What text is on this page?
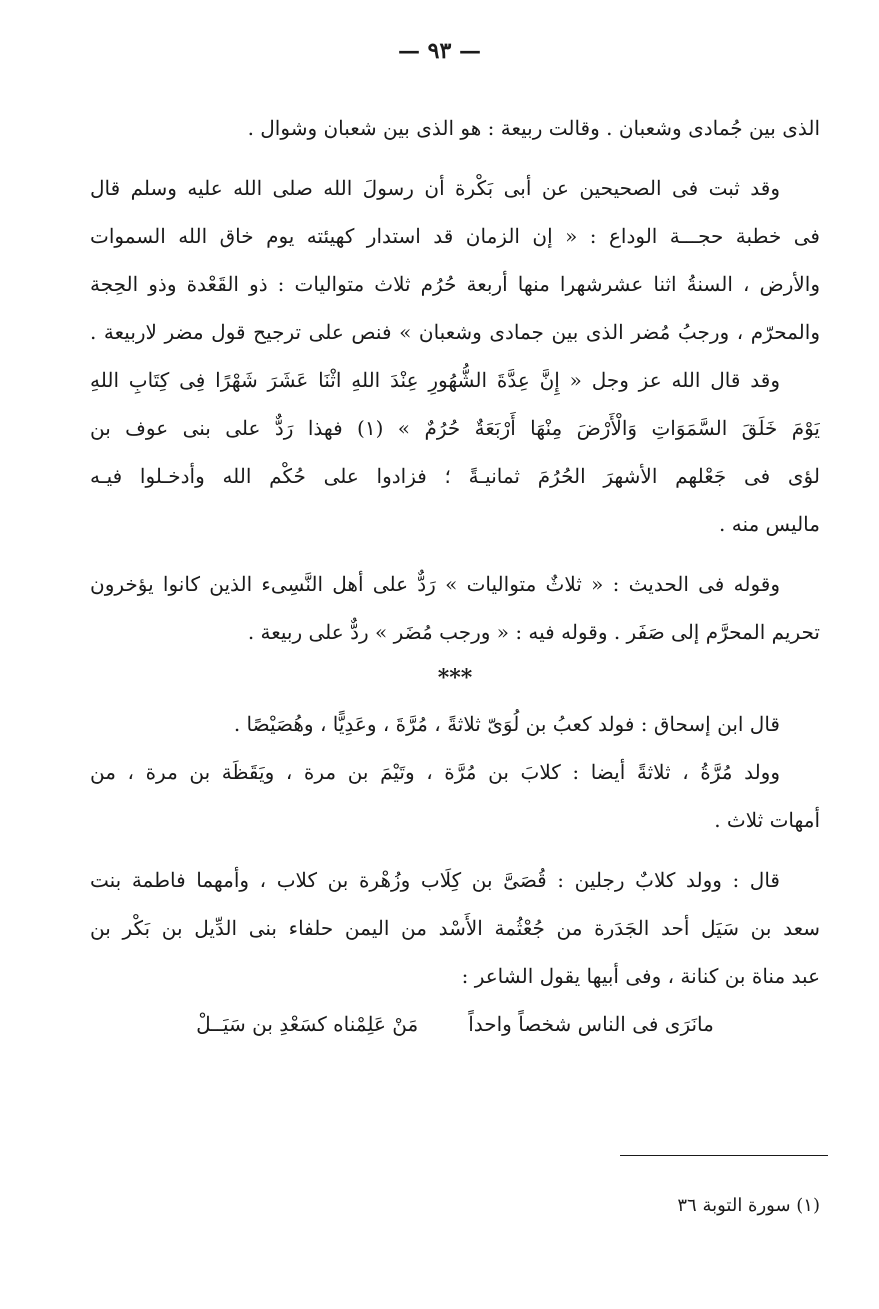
— ٩٣ —
الذى بين جُمادى وشعبان . وقالت ربيعة : هو الذى بين شعبان وشوال .
وقد ثبت فى الصحيحين عن أبى بَكْرة أن رسولَ الله صلى الله عليه وسلم قال
فى خطبة حجـــة الوداع : « إن الزمان قد استدار كهيئته يوم خاق الله السموات
والأرض ، السنةُ اثنا عشرشهرا منها أربعة حُرُم ثلاث متواليات : ذو القَعْدة وذو الحِجة
والمحرّم ، ورجبُ مُضر الذى بين جمادى وشعبان » فنص على ترجيح قول مضر لاربيعة .
وقد قال الله عز وجل « إِنَّ عِدَّةَ الشُّهُورِ عِنْدَ اللهِ اثْنَا عَشَرَ شَهْرًا فِى كِتَابِ اللهِ
يَوْمَ خَلَقَ السَّمَوَاتِ وَالْأَرْضَ مِنْهَا أَرْبَعَةٌ حُرُمٌ » (١) فهذا رَدٌّ على بنى عوف بن
لؤى فى جَعْلهم الأشهرَ الحُرُمَ ثمانيـةً ؛ فزادوا على حُكْم الله وأدخـلوا فيـه
ماليس منه .
وقوله فى الحديث : « ثلاثٌ متواليات » رَدٌّ على أهل النَّسِىء الذين كانوا يؤخرون
تحريم المحرَّم إلى صَفَر . وقوله فيه : « ورجب مُضَر » ردٌّ على ربيعة .
***
قال ابن إسحاق : فولد كعبُ بن لُوَىّ ثلاثةً ، مُرَّةَ ، وعَدِيًّا ، وهُصَيْصًا .
وولد مُرَّةُ ، ثلاثةً أيضا : كلابَ بن مُرَّة ، وتَيْمَ بن مرة ، ويَقَظَة بن مرة ، من
أمهات ثلاث .
قال : وولد كلابٌ رجلين : قُصَىَّ بن كِلَاب وزُهْرة بن كلاب ، وأمهما فاطمة بنت
سعد بن سَيَل أحد الجَدَرة من جُعْثُمة الأَسْد من اليمن حلفاء بنى الدِّيل بن بَكْر بن
عبد مناة بن كنانة ، وفى أبيها يقول الشاعر :
مانَرَى فى الناس شخصاً واحداً
مَنْ عَلِمْناه كسَعْدِ بن سَيَــلْ
(١) سورة التوبة ٣٦
